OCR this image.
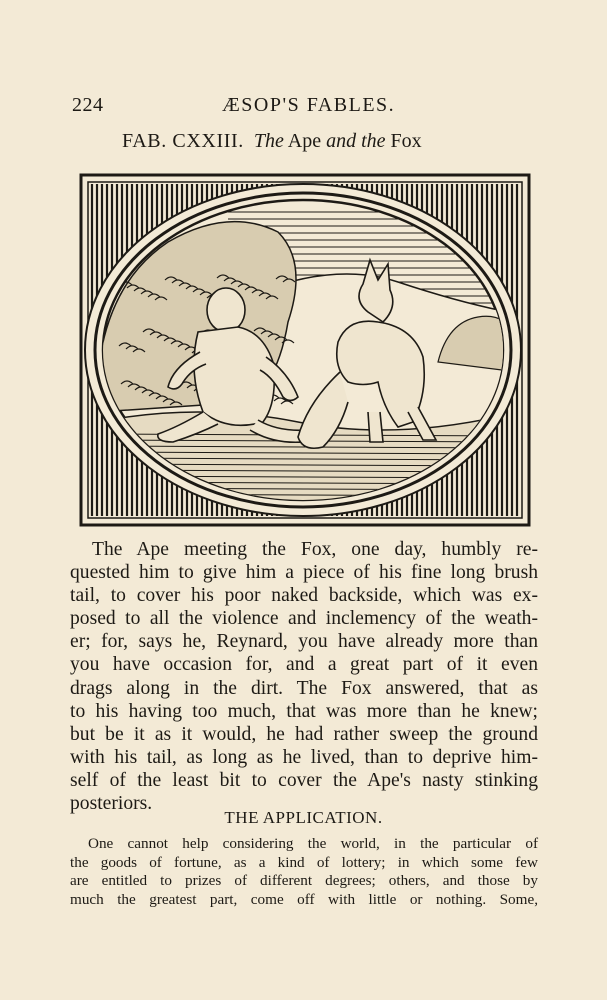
224	ÆSOP'S FABLES.
FAB. CXXIII. The Ape and the Fox
The Ape meeting the Fox, one day, humbly re-
quested him to give him a piece of his fine long brush
tail, to cover his poor naked backside, which was ex-
posed to all the violence and inclemency of the weath-
er; for, says he, Reynard, you have already more than
you have occasion for, and a great part of it even
drags along in the dirt. The Fox answered, that as
to his having too much, that was more than he knew;
but be it as it would, he had rather sweep the ground
with his tail, as long as he lived, than to deprive him-
self of the least bit to cover the Ape's nasty stinking
posteriors.
THE APPLICATION.
One cannot help considering the world, in the particular of
the goods of fortune, as a kind of lottery; in which some few
are entitled to prizes of different degrees; others, and those by
much the greatest part, come off with little or nothing. Some,
